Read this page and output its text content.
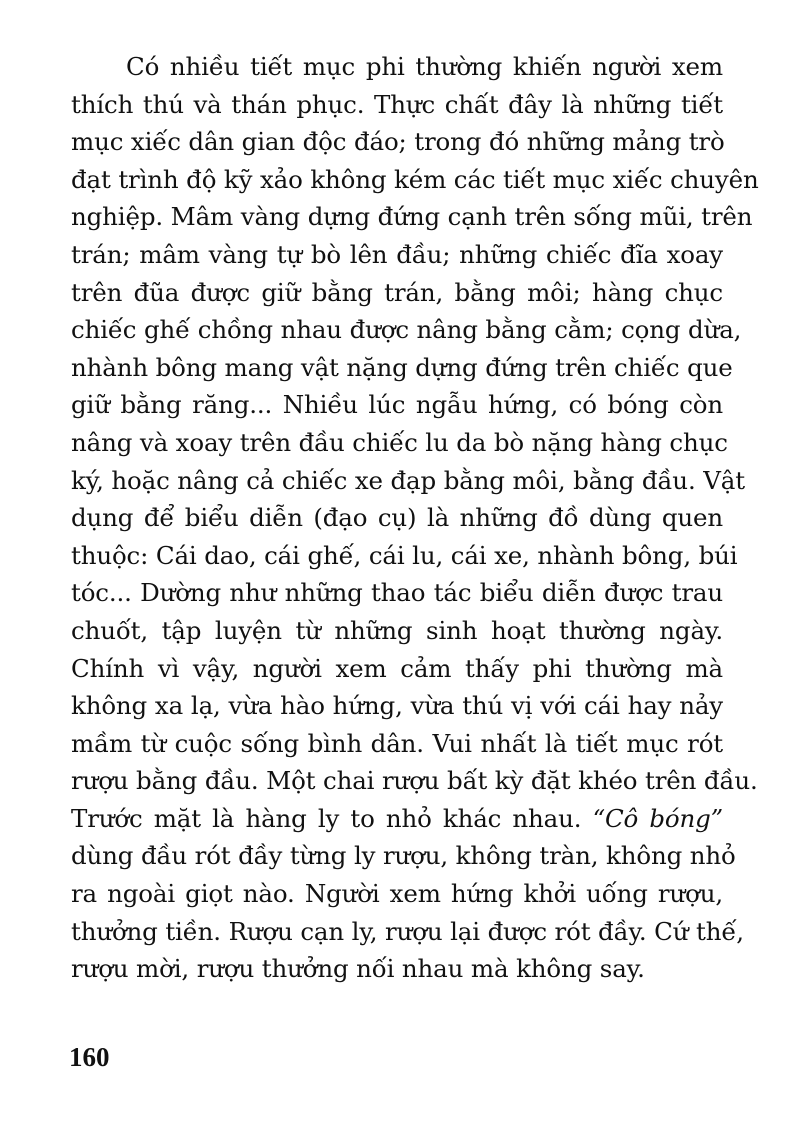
Có nhiều tiết mục phi thường khiến người xem
thích thú và thán phục. Thực chất đây là những tiết
mục xiếc dân gian độc đáo; trong đó những mảng trò
đạt trình độ kỹ xảo không kém các tiết mục xiếc chuyên
nghiệp. Mâm vàng dựng đứng cạnh trên sống mũi, trên
trán; mâm vàng tự bò lên đầu; những chiếc đĩa xoay
trên đũa được giữ bằng trán, bằng môi; hàng chục
chiếc ghế chồng nhau được nâng bằng cằm; cọng dừa,
nhành bông mang vật nặng dựng đứng trên chiếc que
giữ bằng răng... Nhiều lúc ngẫu hứng, có bóng còn
nâng và xoay trên đầu chiếc lu da bò nặng hàng chục
ký, hoặc nâng cả chiếc xe đạp bằng môi, bằng đầu. Vật
dụng để biểu diễn (đạo cụ) là những đồ dùng quen
thuộc: Cái dao, cái ghế, cái lu, cái xe, nhành bông, búi
tóc... Dường như những thao tác biểu diễn được trau
chuốt, tập luyện từ những sinh hoạt thường ngày.
Chính vì vậy, người xem cảm thấy phi thường mà
không xa lạ, vừa hào hứng, vừa thú vị với cái hay nảy
mầm từ cuộc sống bình dân. Vui nhất là tiết mục rót
rượu bằng đầu. Một chai rượu bất kỳ đặt khéo trên đầu.
Trước mặt là hàng ly to nhỏ khác nhau. “Cô bóng”
dùng đầu rót đầy từng ly rượu, không tràn, không nhỏ
ra ngoài giọt nào. Người xem hứng khởi uống rượu,
thưởng tiền. Rượu cạn ly, rượu lại được rót đầy. Cứ thế,
rượu mời, rượu thưởng nối nhau mà không say.
160
